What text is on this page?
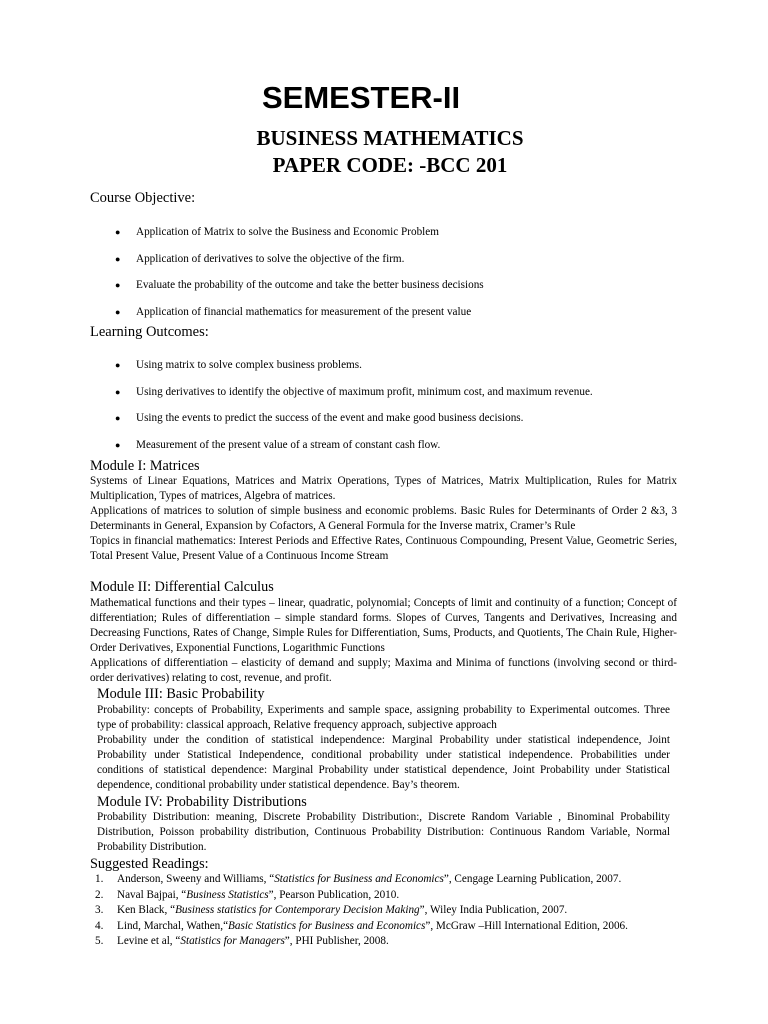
SEMESTER-II
BUSINESS MATHEMATICS
PAPER CODE: -BCC 201
Course Objective:
● Application of Matrix to solve the Business and Economic Problem
● Application of derivatives to solve the objective of the firm.
● Evaluate the probability of the outcome and take the better business decisions
● Application of financial mathematics for measurement of the present value
Learning Outcomes:
● Using matrix to solve complex business problems.
● Using derivatives to identify the objective of maximum profit, minimum cost, and maximum revenue.
● Using the events to predict the success of the event and make good business decisions.
● Measurement of the present value of a stream of constant cash flow.
Module I: Matrices

Systems of Linear Equations, Matrices and Matrix Operations, Types of Matrices, Matrix Multiplication, Rules for Matrix Multiplication, Types of matrices, Algebra of matrices.

Applications of matrices to solution of simple business and economic problems. Basic Rules for Determinants of Order 2 &3, 3 Determinants in General, Expansion by Cofactors, A General Formula for the Inverse matrix, Cramer’s Rule

Topics in financial mathematics: Interest Periods and Effective Rates, Continuous Compounding, Present Value, Geometric Series, Total Present Value, Present Value of a Continuous Income Stream

Module II: Differential Calculus

Mathematical functions and their types – linear, quadratic, polynomial; Concepts of limit and continuity of a function; Concept of differentiation; Rules of differentiation – simple standard forms. Slopes of Curves, Tangents and Derivatives, Increasing and Decreasing Functions, Rates of Change, Simple Rules for Differentiation, Sums, Products, and Quotients, The Chain Rule, Higher-Order Derivatives, Exponential Functions, Logarithmic Functions

Applications of differentiation – elasticity of demand and supply; Maxima and Minima of functions (involving second or third-order derivatives) relating to cost, revenue, and profit.

Module III: Basic Probability

Probability: concepts of Probability, Experiments and sample space, assigning probability to Experimental outcomes. Three type of probability: classical approach, Relative frequency approach, subjective approach

Probability under the condition of statistical independence: Marginal Probability under statistical independence, Joint Probability under Statistical Independence, conditional probability under statistical independence. Probabilities under conditions of statistical dependence: Marginal Probability under statistical dependence, Joint Probability under Statistical dependence, conditional probability under statistical dependence. Bay’s theorem.

Module IV: Probability Distributions

Probability Distribution: meaning, Discrete Probability Distribution:, Discrete Random Variable , Binominal Probability Distribution, Poisson probability distribution, Continuous Probability Distribution: Continuous Random Variable, Normal Probability Distribution.

Suggested Readings:
1. Anderson, Sweeny and Williams, “Statistics for Business and Economics”, Cengage Learning Publication, 2007.
2. Naval Bajpai, “Business Statistics”, Pearson Publication, 2010.
3. Ken Black, “Business statistics for Contemporary Decision Making”, Wiley India Publication, 2007.
4. Lind, Marchal, Wathen,“Basic Statistics for Business and Economics”, McGraw –Hill International Edition, 2006.
5. Levine et al, “Statistics for Managers”, PHI Publisher, 2008.
